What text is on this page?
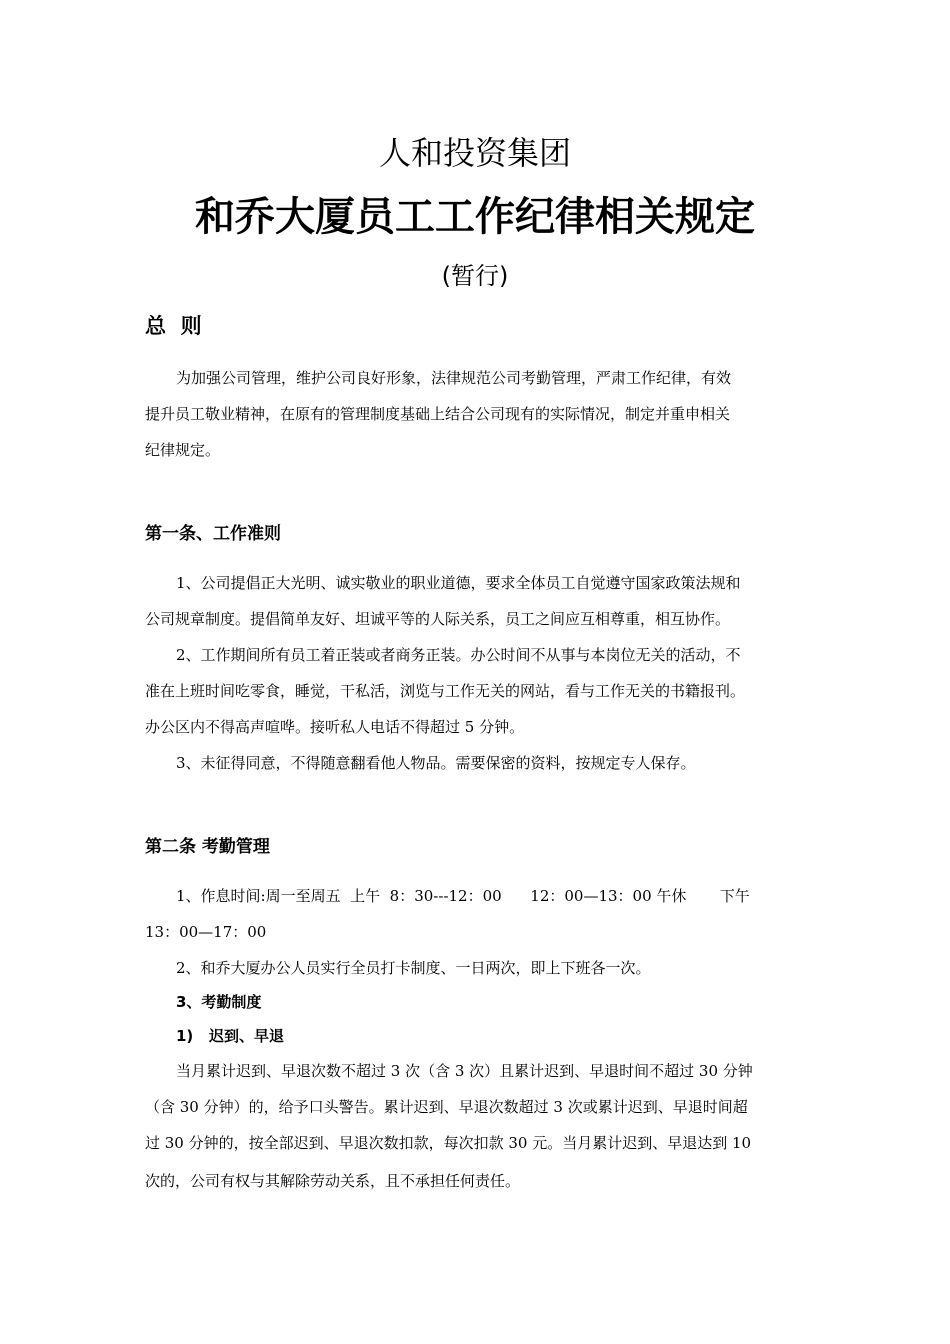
人和投资集团
和乔大厦员工工作纪律相关规定
(暂行)
总  则
为加强公司管理，维护公司良好形象，法律规范公司考勤管理，严肃工作纪律，有效
提升员工敬业精神，在原有的管理制度基础上结合公司现有的实际情况，制定并重申相关
纪律规定。
第一条、工作准则
1、公司提倡正大光明、诚实敬业的职业道德，要求全体员工自觉遵守国家政策法规和
公司规章制度。提倡简单友好、坦诚平等的人际关系，员工之间应互相尊重，相互协作。
2、工作期间所有员工着正装或者商务正装。办公时间不从事与本岗位无关的活动，不
准在上班时间吃零食，睡觉，干私活，浏览与工作无关的网站，看与工作无关的书籍报刊。
办公区内不得高声喧哗。接听私人电话不得超过 5 分钟。
3、未征得同意，不得随意翻看他人物品。需要保密的资料，按规定专人保存。
第二条 考勤管理
1、作息时间:周一至周五  上午  8：30---12：00      12：00—13：00 午休       下午
13：00—17：00
2、和乔大厦办公人员实行全员打卡制度、一日两次，即上下班各一次。
3、考勤制度
1)   迟到、早退
当月累计迟到、早退次数不超过 3 次（含 3 次）且累计迟到、早退时间不超过 30 分钟
（含 30 分钟）的，给予口头警告。累计迟到、早退次数超过 3 次或累计迟到、早退时间超
过 30 分钟的，按全部迟到、早退次数扣款，每次扣款 30 元。当月累计迟到、早退达到 10
次的，公司有权与其解除劳动关系，且不承担任何责任。
